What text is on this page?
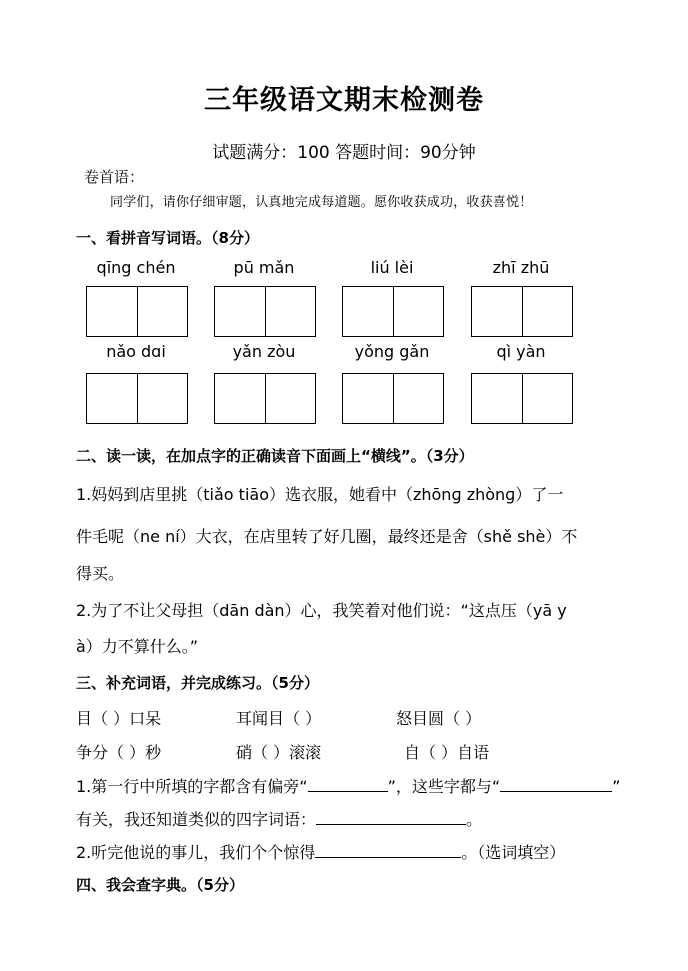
三年级语文期末检测卷
试题满分：100 答题时间：90分钟
卷首语：
同学们，请你仔细审题，认真地完成每道题。愿你收获成功，收获喜悦！
一、看拼音写词语。（8分）
qīng chén	pū mǎn	liú lèi	zhī zhū
nǎo dɑi	yǎn zòu	yǒng gǎn	qì yàn
二、读一读，在加点字的正确读音下面画上“横线”。（3分）
1.妈妈到店里挑（tiǎo tiāo）选衣服，她看中（zhōnɡ zhònɡ）了一
件毛呢（ne ní）大衣，在店里转了好几圈，最终还是舍（shě shè）不
得买。
2.为了不让父母担（dān dàn）心，我笑着对他们说：“这点压（yā y
à）力不算什么。”
三、补充词语，并完成练习。（5分）
目（ ）口呆	耳闻目（ ）	怒目圆（ ）
争分（ ）秒	硝（ ）滚滚	自（ ）自语
1.第一行中所填的字都含有偏旁“	”，这些字都与“	”
有关，我还知道类似的四字词语：	。
2.听完他说的事儿，我们个个惊得	。（选词填空）
四、我会查字典。（5分）
